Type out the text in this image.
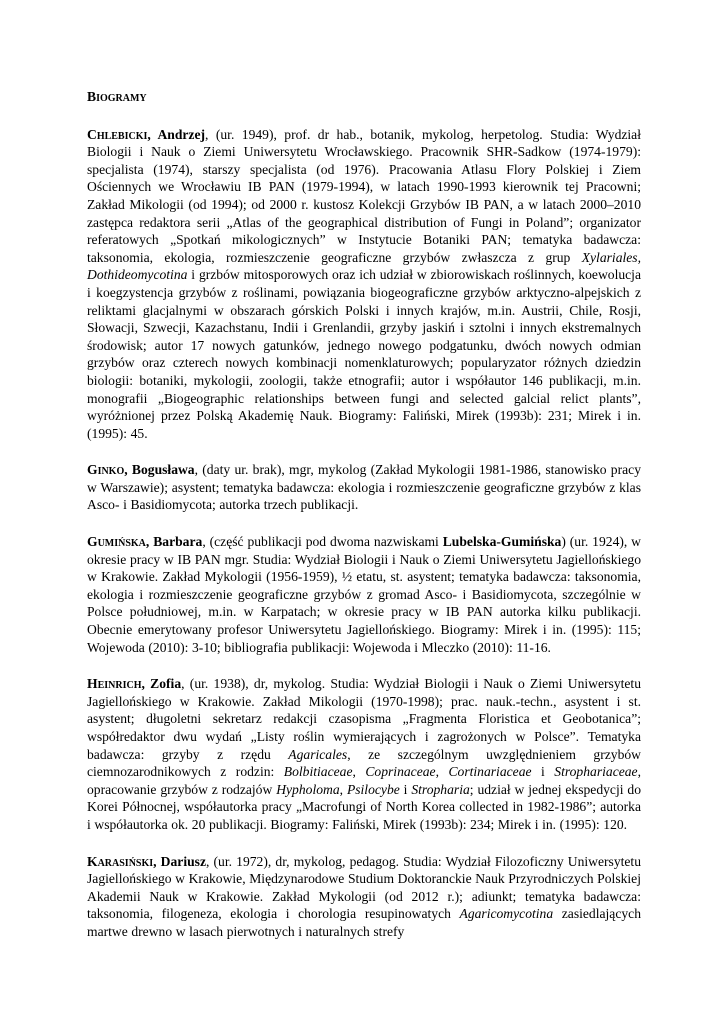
Biogramy

Chlebicki, Andrzej, (ur. 1949), prof. dr hab., botanik, mykolog, herpetolog. Studia: Wydział Biologii i Nauk o Ziemi Uniwersytetu Wrocławskiego. Pracownik SHR-Sadkow (1974-1979): specjalista (1974), starszy specjalista (od 1976). Pracowania Atlasu Flory Polskiej i Ziem Ościennych we Wrocławiu IB PAN (1979-1994), w latach 1990-1993 kierownik tej Pracowni; Zakład Mikologii (od 1994); od 2000 r. kustosz Kolekcji Grzybów IB PAN, a w latach 2000–2010 zastępca redaktora serii „Atlas of the geographical distribution of Fungi in Poland”; organizator referatowych „Spotkań mikologicznych” w Instytucie Botaniki PAN; tematyka badawcza: taksonomia, ekologia, rozmieszczenie geograficzne grzybów zwłaszcza z grup Xylariales, Dothideomycotina i grzbów mitosporowych oraz ich udział w zbiorowiskach roślinnych, koewolucja i koegzystencja grzybów z roślinami, powiązania biogeograficzne grzybów arktyczno-alpejskich z reliktami glacjalnymi w obszarach górskich Polski i innych krajów, m.in. Austrii, Chile, Rosji, Słowacji, Szwecji, Kazachstanu, Indii i Grenlandii, grzyby jaskiń i sztolni i innych ekstremalnych środowisk; autor 17 nowych gatunków, jednego nowego podgatunku, dwóch nowych odmian grzybów oraz czterech nowych kombinacji nomenklaturowych; popularyzator różnych dziedzin biologii: botaniki, mykologii, zoologii, także etnografii; autor i współautor 146 publikacji, m.in. monografii „Biogeographic relationships between fungi and selected galcial relict plants”, wyróżnionej przez Polską Akademię Nauk. Biogramy: Faliński, Mirek (1993b): 231; Mirek i in. (1995): 45.

Ginko, Bogusława, (daty ur. brak), mgr, mykolog (Zakład Mykologii 1981-1986, stanowisko pracy w Warszawie); asystent; tematyka badawcza: ekologia i rozmieszczenie geograficzne grzybów z klas Asco- i Basidiomycota; autorka trzech publikacji.

Gumińska, Barbara, (część publikacji pod dwoma nazwiskami Lubelska-Gumińska) (ur. 1924), w okresie pracy w IB PAN mgr. Studia: Wydział Biologii i Nauk o Ziemi Uniwersytetu Jagiellońskiego w Krakowie. Zakład Mykologii (1956-1959), ½ etatu, st. asystent; tematyka badawcza: taksonomia, ekologia i rozmieszczenie geograficzne grzybów z gromad Asco- i Basidiomycota, szczególnie w Polsce południowej, m.in. w Karpatach; w okresie pracy w IB PAN autorka kilku publikacji. Obecnie emerytowany profesor Uniwersytetu Jagiellońskiego. Biogramy: Mirek i in. (1995): 115; Wojewoda (2010): 3-10; bibliografia publikacji: Wojewoda i Mleczko (2010): 11-16.

Heinrich, Zofia, (ur. 1938), dr, mykolog. Studia: Wydział Biologii i Nauk o Ziemi Uniwersytetu Jagiellońskiego w Krakowie. Zakład Mikologii (1970-1998); prac. nauk.-techn., asystent i st. asystent; długoletni sekretarz redakcji czasopisma „Fragmenta Floristica et Geobotanica”; współredaktor dwu wydań „Listy roślin wymierających i zagrożonych w Polsce”. Tematyka badawcza: grzyby z rzędu Agaricales, ze szczególnym uwzględnieniem grzybów ciemnozarodnikowych z rodzin: Bolbitiaceae, Coprinaceae, Cortinariaceae i Strophariaceae, opracowanie grzybów z rodzajów Hypholoma, Psilocybe i Stropharia; udział w jednej ekspedycji do Korei Północnej, współautorka pracy „Macrofungi of North Korea collected in 1982-1986”; autorka i współautorka ok. 20 publikacji. Biogramy: Faliński, Mirek (1993b): 234; Mirek i in. (1995): 120.

Karasiński, Dariusz, (ur. 1972), dr, mykolog, pedagog. Studia: Wydział Filozoficzny Uniwersytetu Jagiellońskiego w Krakowie, Międzynarodowe Studium Doktoranckie Nauk Przyrodniczych Polskiej Akademii Nauk w Krakowie. Zakład Mykologii (od 2012 r.); adiunkt; tematyka badawcza: taksonomia, filogeneza, ekologia i chorologia resupinowatych Agaricomycotina zasiedlających martwe drewno w lasach pierwotnych i naturalnych strefy
